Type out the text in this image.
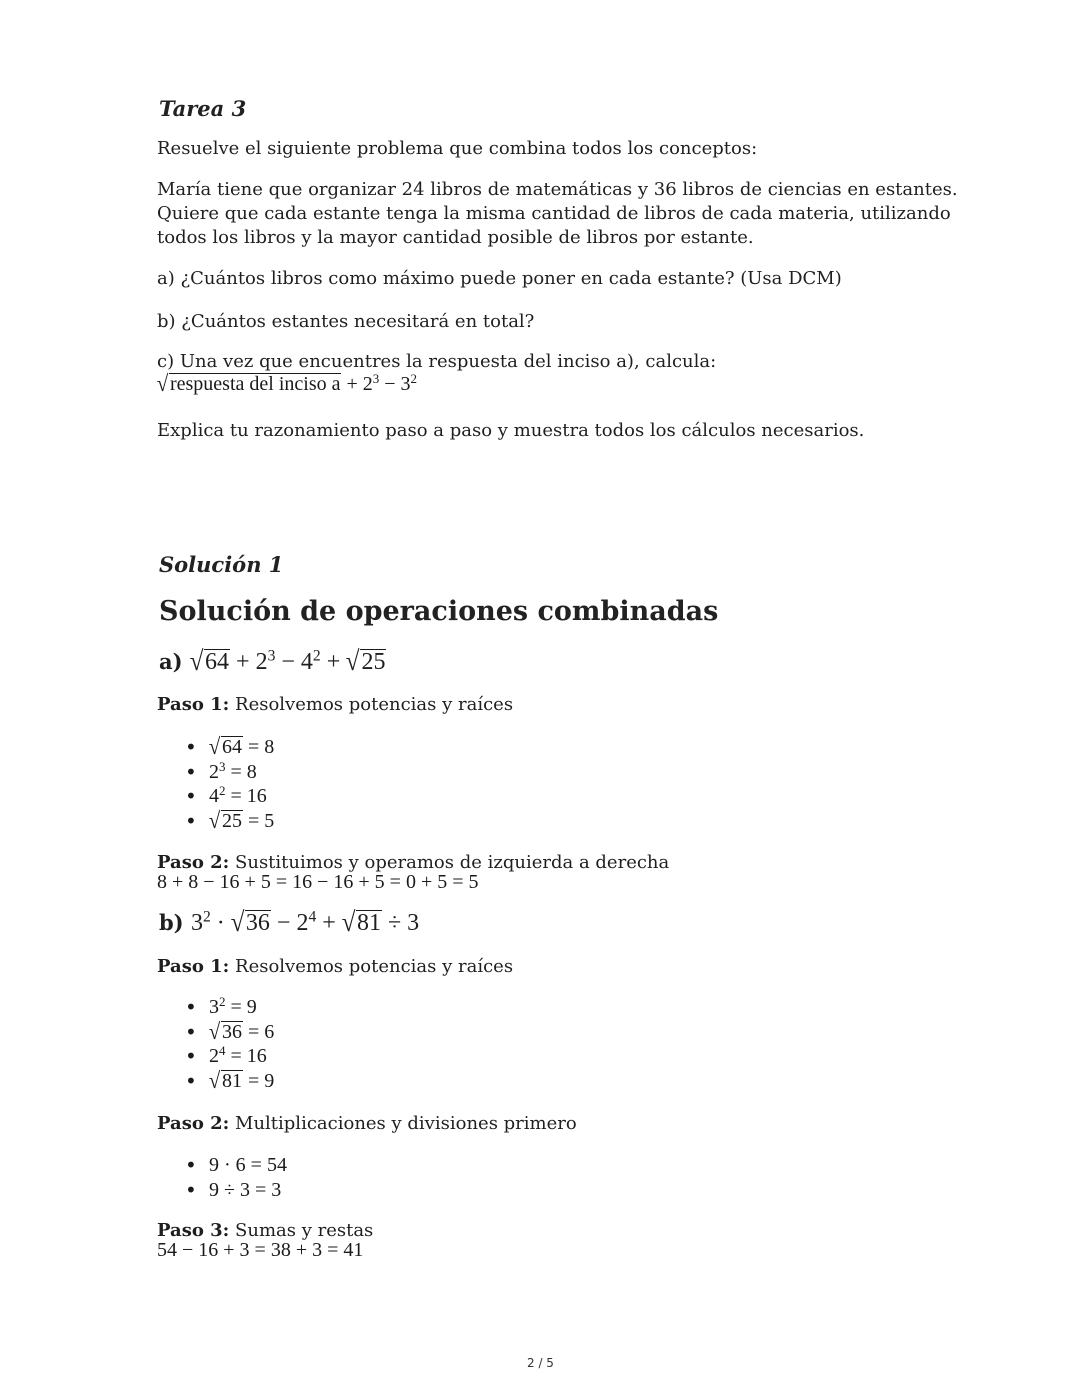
Tarea 3
Resuelve el siguiente problema que combina todos los conceptos:
María tiene que organizar 24 libros de matemáticas y 36 libros de ciencias en estantes.
Quiere que cada estante tenga la misma cantidad de libros de cada materia, utilizando
todos los libros y la mayor cantidad posible de libros por estante.
a) ¿Cuántos libros como máximo puede poner en cada estante? (Usa DCM)
b) ¿Cuántos estantes necesitará en total?
c) Una vez que encuentres la respuesta del inciso a), calcula:
√respuesta del inciso $a + 2^3 - 3^2$
Explica tu razonamiento paso a paso y muestra todos los cálculos necesarios.
Solución 1
Solución de operaciones combinadas
a) $√64 + 2^3 - 4^2 + √25$
Paso 1: Resolvemos potencias y raíces
• √64 = 8
• $2^3 = 8$
• $4^2 = 16$
• √25 = 5
Paso 2: Sustituimos y operamos de izquierda a derecha
8 + 8 − 16 + 5 = 16 − 16 + 5 = 0 + 5 = 5
b) $3^2 \cdot √36 - 2^4 + √81 \div 3$
Paso 1: Resolvemos potencias y raíces
• $3^2 = 9$
• √36 = 6
• $2^4 = 16$
• √81 = 9
Paso 2: Multiplicaciones y divisiones primero
• 9 · 6 = 54
• 9 ÷ 3 = 3
Paso 3: Sumas y restas
54 − 16 + 3 = 38 + 3 = 41
2 / 5
